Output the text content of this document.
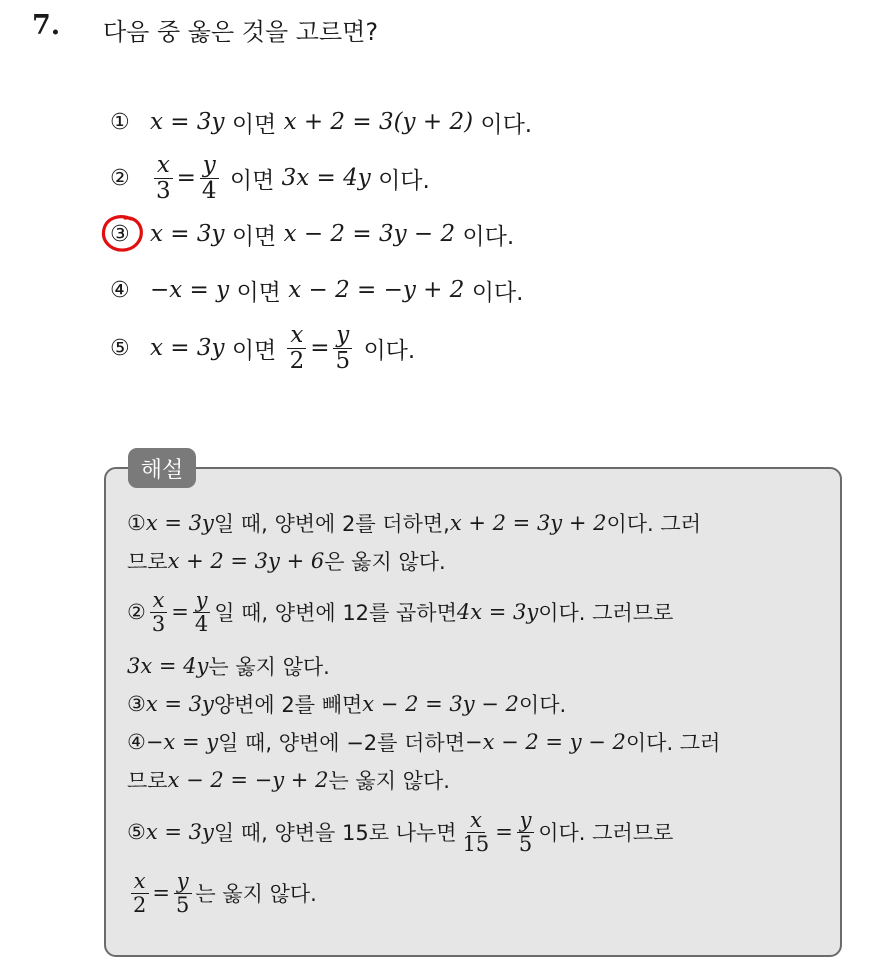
7. 다음 중 옳은 것을 고르면?
① x = 3y
이면
x + 2 = 3(y + 2)
이다.
②	$\frac{x}{3} = \frac{y}{4}$
이면
3x = 4y
이다.
③ x = 3y
이면
x − 2 = 3y − 2
이다.
④ −x = y
이면
x − 2 = −y + 2
이다.
⑤ x = 3y
이면
$\frac{x}{2} = \frac{y}{5}$
이다.
해설
① x = 3y 일 때, 양변에 2를 더하면, x + 2 = 3y + 2 이다. 그러
므로 x + 2 = 3y + 6 은 옳지 않다.
② $\frac{x}{3} = \frac{y}{4}$ 일 때, 양변에 12를 곱하면 4x = 3y 이다. 그러므로
3x = 4y 는 옳지 않다.
③ x = 3y 양변에 2를 빼면 x − 2 = 3y − 2 이다.
④ −x = y 일 때, 양변에 −2를 더하면 −x − 2 = y − 2 이다. 그러
므로 x − 2 = −y + 2 는 옳지 않다.
⑤ x = 3y 일 때, 양변을 15로 나누면 $\frac{x}{15} = \frac{y}{5}$ 이다. 그러므로
$\frac{x}{2} = \frac{y}{5}$ 는 옳지 않다.
